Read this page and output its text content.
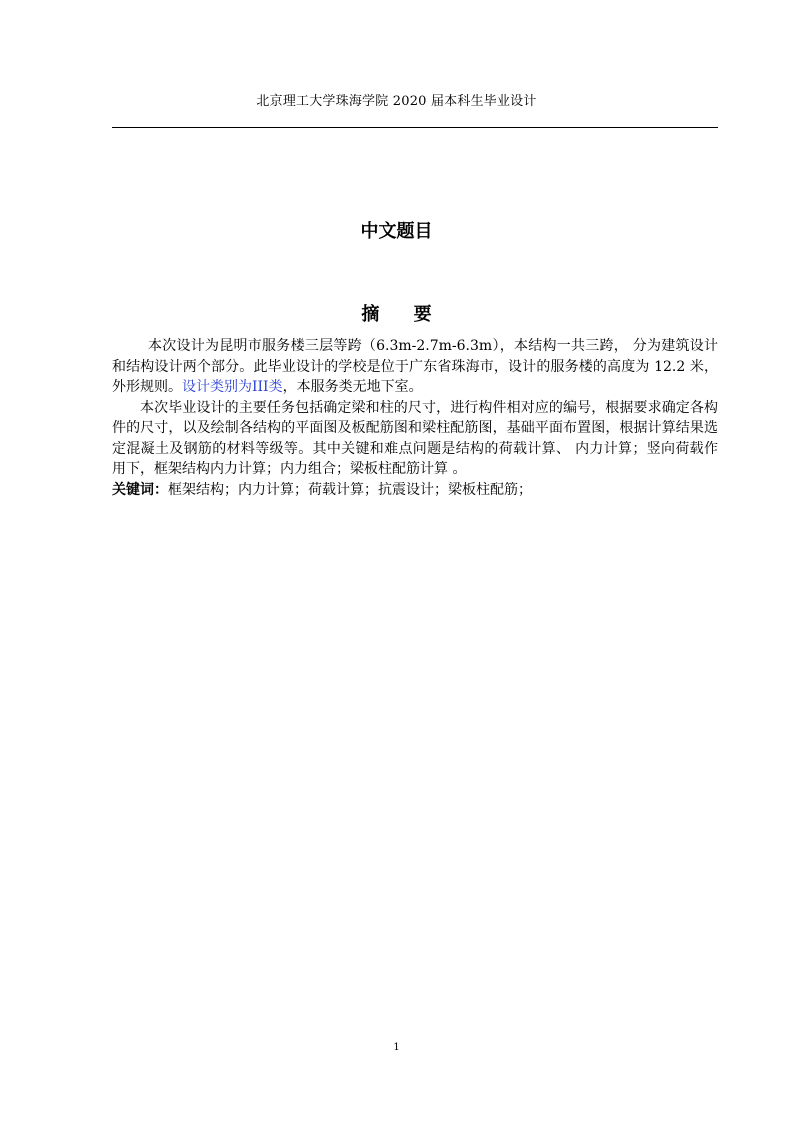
北京理工大学珠海学院 2020 届本科生毕业设计
中文题目
摘 要

本次设计为昆明市服务楼三层等跨（6.3m-2.7m-6.3m），本结构一共三跨， 分为建筑设计和结构设计两个部分。此毕业设计的学校是位于广东省珠海市，设计的服务楼的高度为 12.2 米，外形规则。设计类别为III类，本服务类无地下室。

本次毕业设计的主要任务包括确定梁和柱的尺寸，进行构件相对应的编号，根据要求确定各构件的尺寸，以及绘制各结构的平面图及板配筋图和梁柱配筋图，基础平面布置图，根据计算结果选定混凝土及钢筋的材料等级等。其中关键和难点问题是结构的荷载计算、 内力计算；竖向荷载作用下，框架结构内力计算；内力组合；梁板柱配筋计算 。

关键词：框架结构；内力计算；荷载计算；抗震设计；梁板柱配筋；

1
